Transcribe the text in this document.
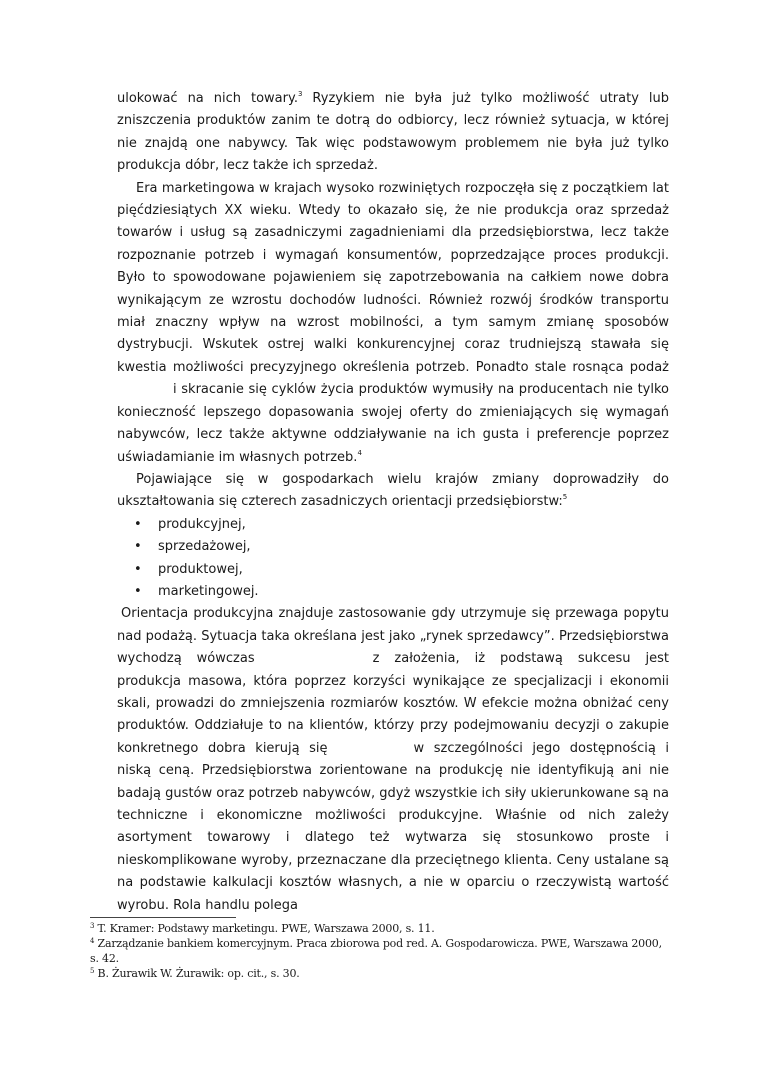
ulokować na nich towary.$^3$ Ryzykiem nie była już tylko możliwość utraty lub zniszczenia produktów zanim te dotrą do odbiorcy, lecz również sytuacja, w której nie znajdą one nabywcy. Tak więc podstawowym problemem nie była już tylko produkcja dóbr, lecz także ich sprzedaż.

Era marketingowa w krajach wysoko rozwiniętych rozpoczęła się z początkiem lat pięćdziesiątych XX wieku. Wtedy to okazało się, że nie produkcja oraz sprzedaż towarów i usług są zasadniczymi zagadnieniami dla przedsiębiorstwa, lecz także rozpoznanie potrzeb i wymagań konsumentów, poprzedzające proces produkcji. Było to spowodowane pojawieniem się zapotrzebowania na całkiem nowe dobra wynikającym ze wzrostu dochodów ludności. Również rozwój środków transportu miał znaczny wpływ na wzrost mobilności, a tym samym zmianę sposobów dystrybucji. Wskutek ostrej walki konkurencyjnej coraz trudniejszą stawała się kwestia możliwości precyzyjnego określenia potrzeb. Ponadto stale rosnąca podażi skracanie się cyklów życia produktów wymusiły na producentach nie tylko konieczność lepszego dopasowania swojej oferty do zmieniających się wymagań nabywców, lecz także aktywne oddziaływanie na ich gusta i preferencje poprzez uświadamianie im własnych potrzeb.$^4$

Pojawiające się w gospodarkach wielu krajów zmiany doprowadziły do ukształtowania się czterech zasadniczych orientacji przedsiębiorstw:$^5$

• produkcyjnej,
• sprzedażowej,
• produktowej,
• marketingowej.

Orientacja produkcyjna znajduje zastosowanie gdy utrzymuje się przewaga popytu nad podażą. Sytuacja taka określana jest jako „rynek sprzedawcy”. Przedsiębiorstwa wychodzą wówczas	z założenia, iż podstawą sukcesu jest produkcja masowa, która poprzez korzyści wynikające ze specjalizacji i ekonomii skali, prowadzi do zmniejszenia rozmiarów kosztów. W efekcie można obniżać ceny produktów. Oddziałuje to na klientów, którzy przy podejmowaniu decyzji o zakupie konkretnego dobra kierują się	w szczególności jego dostępnością i niską ceną. Przedsiębiorstwa zorientowane na produkcję nie identyfikują ani nie badają gustów oraz potrzeb nabywców, gdyż wszystkie ich siły ukierunkowane są na techniczne i ekonomiczne możliwości produkcyjne. Właśnie od nich zależy asortyment towarowy i dlatego też wytwarza się stosunkowo proste i nieskomplikowane wyroby, przeznaczane dla przeciętnego klienta. Ceny ustalane są na podstawie kalkulacji kosztów własnych, a nie w oparciu o rzeczywistą wartość wyrobu. Rola handlu polega

$^3$ T. Kramer: Podstawy marketingu. PWE, Warszawa 2000, s. 11.
$^4$ Zarządzanie bankiem komercyjnym. Praca zbiorowa pod red. A. Gospodarowicza. PWE, Warszawa 2000, s. 42.
$^5$ B. Żurawik W. Żurawik: op. cit., s. 30.
